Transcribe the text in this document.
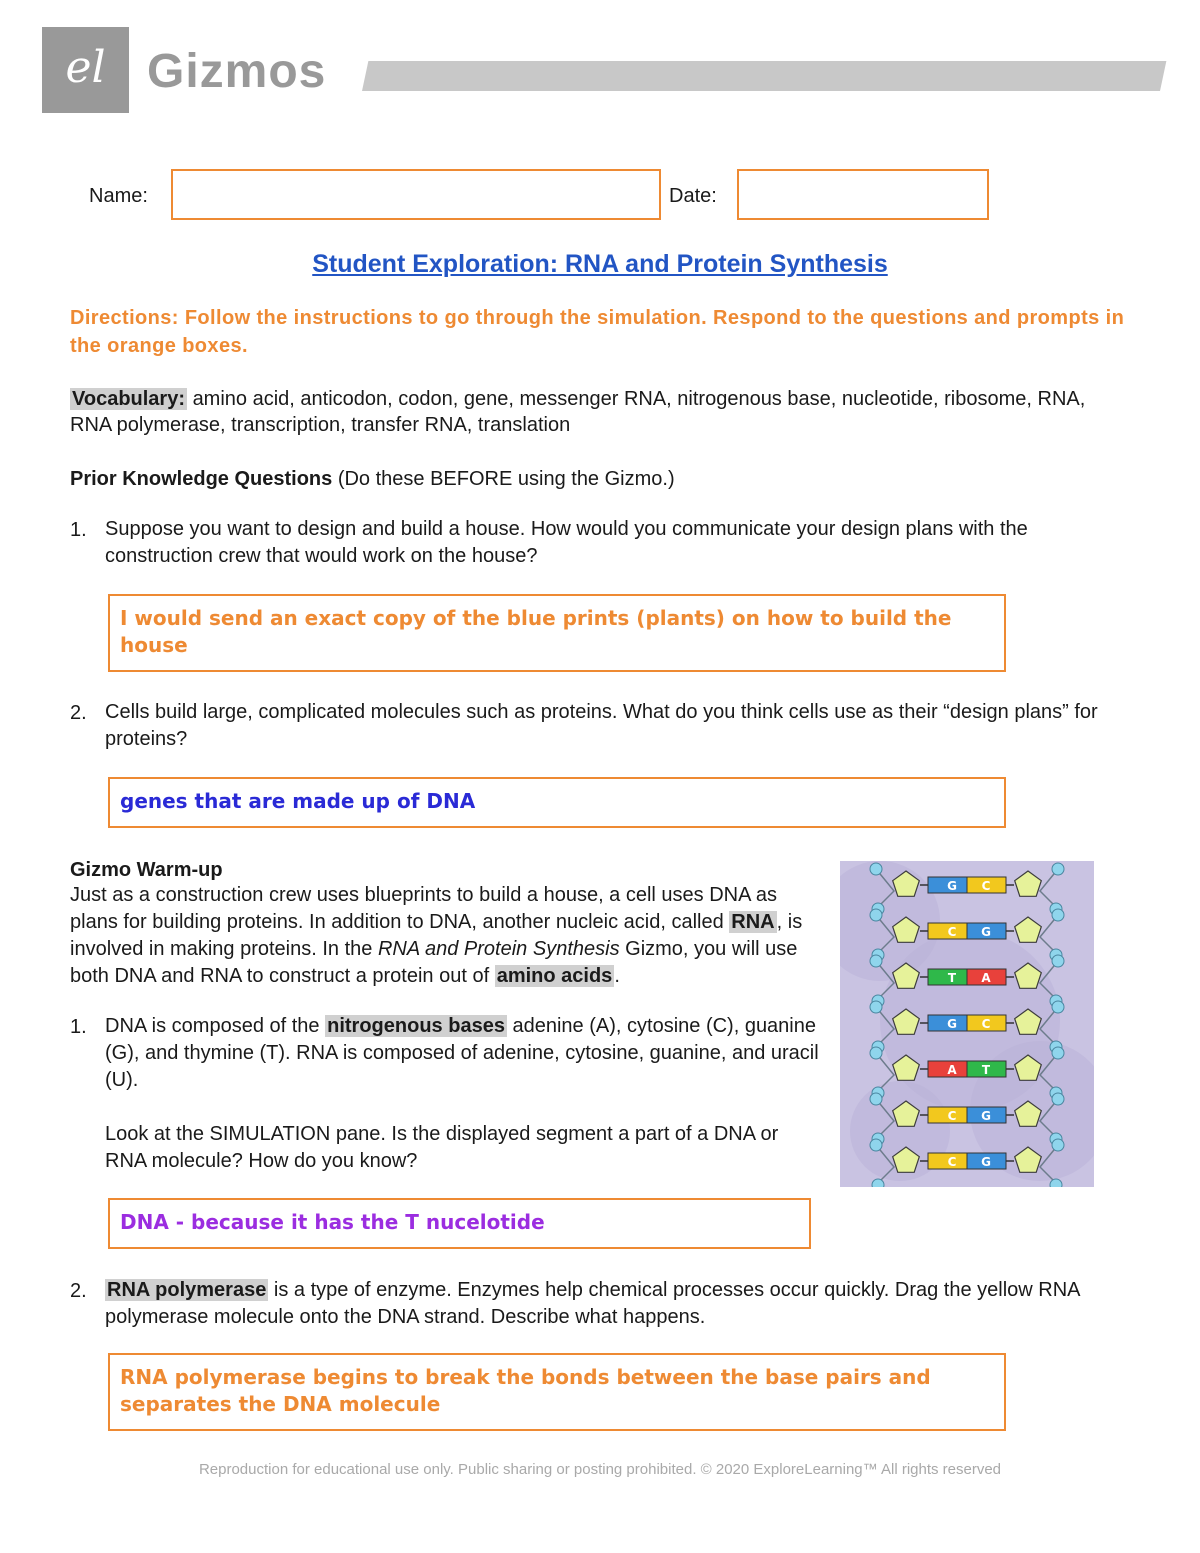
el Gizmos
Name:	Date:
Student Exploration: RNA and Protein Synthesis
Directions: Follow the instructions to go through the simulation. Respond to the questions and prompts in the orange boxes.
Vocabulary: amino acid, anticodon, codon, gene, messenger RNA, nitrogenous base, nucleotide, ribosome, RNA, RNA polymerase, transcription, transfer RNA, translation
Prior Knowledge Questions (Do these BEFORE using the Gizmo.)
1. Suppose you want to design and build a house. How would you communicate your design plans with the construction crew that would work on the house?
I would send an exact copy of the blue prints (plants) on how to build the house
2. Cells build large, complicated molecules such as proteins. What do you think cells use as their “design plans” for proteins?
genes that are made up of DNA
Gizmo Warm-up
Just as a construction crew uses blueprints to build a house, a cell uses DNA as plans for building proteins. In addition to DNA, another nucleic acid, called RNA , is involved in making proteins. In the RNA and Protein Synthesis Gizmo, you will use both DNA and RNA to construct a protein out of amino acids .
1. DNA is composed of the nitrogenous bases adenine (A), cytosine (C), guanine (G), and thymine (T). RNA is composed of adenine, cytosine, guanine, and uracil (U).
Look at the SIMULATION pane. Is the displayed segment a part of a DNA or RNA molecule? How do you know?
DNA - because it has the T nucelotide
2. RNA polymerase is a type of enzyme. Enzymes help chemical processes occur quickly. Drag the yellow RNA polymerase molecule onto the DNA strand. Describe what happens.
RNA polymerase begins to break the bonds between the base pairs and separates the DNA molecule
G C
C G
T A
G C
A T
C G
C G
Reproduction for educational use only. Public sharing or posting prohibited. © 2020 ExploreLearning™ All rights reserved
